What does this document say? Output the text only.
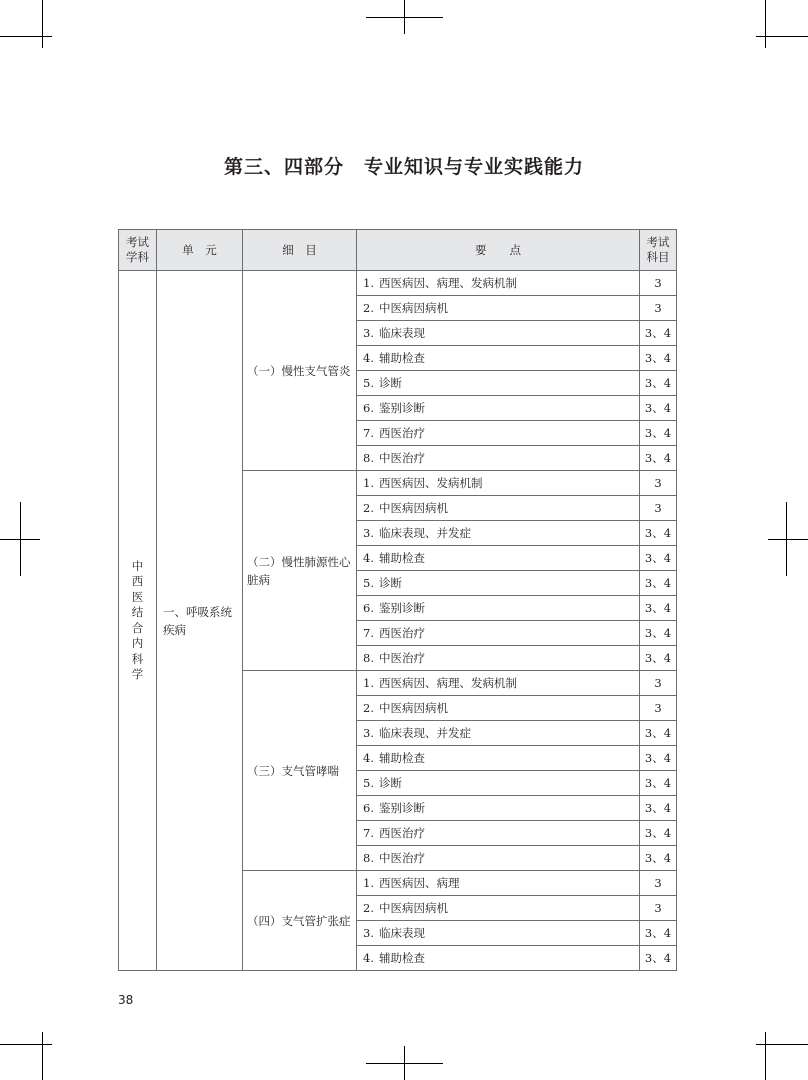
第三、四部分　专业知识与专业实践能力
考试学科	单　元	细　目	要　　点	考试科目
中西医结合内科学	一、呼吸系统疾病	（一）慢性支气管炎	1. 西医病因、病理、发病机制	3
			2. 中医病因病机	3
			3. 临床表现	3、4
			4. 辅助检查	3、4
			5. 诊断	3、4
			6. 鉴别诊断	3、4
			7. 西医治疗	3、4
			8. 中医治疗	3、4
		（二）慢性肺源性心脏病	1. 西医病因、发病机制	3
			2. 中医病因病机	3
			3. 临床表现、并发症	3、4
			4. 辅助检查	3、4
			5. 诊断	3、4
			6. 鉴别诊断	3、4
			7. 西医治疗	3、4
			8. 中医治疗	3、4
		（三）支气管哮喘	1. 西医病因、病理、发病机制	3
			2. 中医病因病机	3
			3. 临床表现、并发症	3、4
			4. 辅助检查	3、4
			5. 诊断	3、4
			6. 鉴别诊断	3、4
			7. 西医治疗	3、4
			8. 中医治疗	3、4
		（四）支气管扩张症	1. 西医病因、病理	3
			2. 中医病因病机	3
			3. 临床表现	3、4
			4. 辅助检查	3、4
38
